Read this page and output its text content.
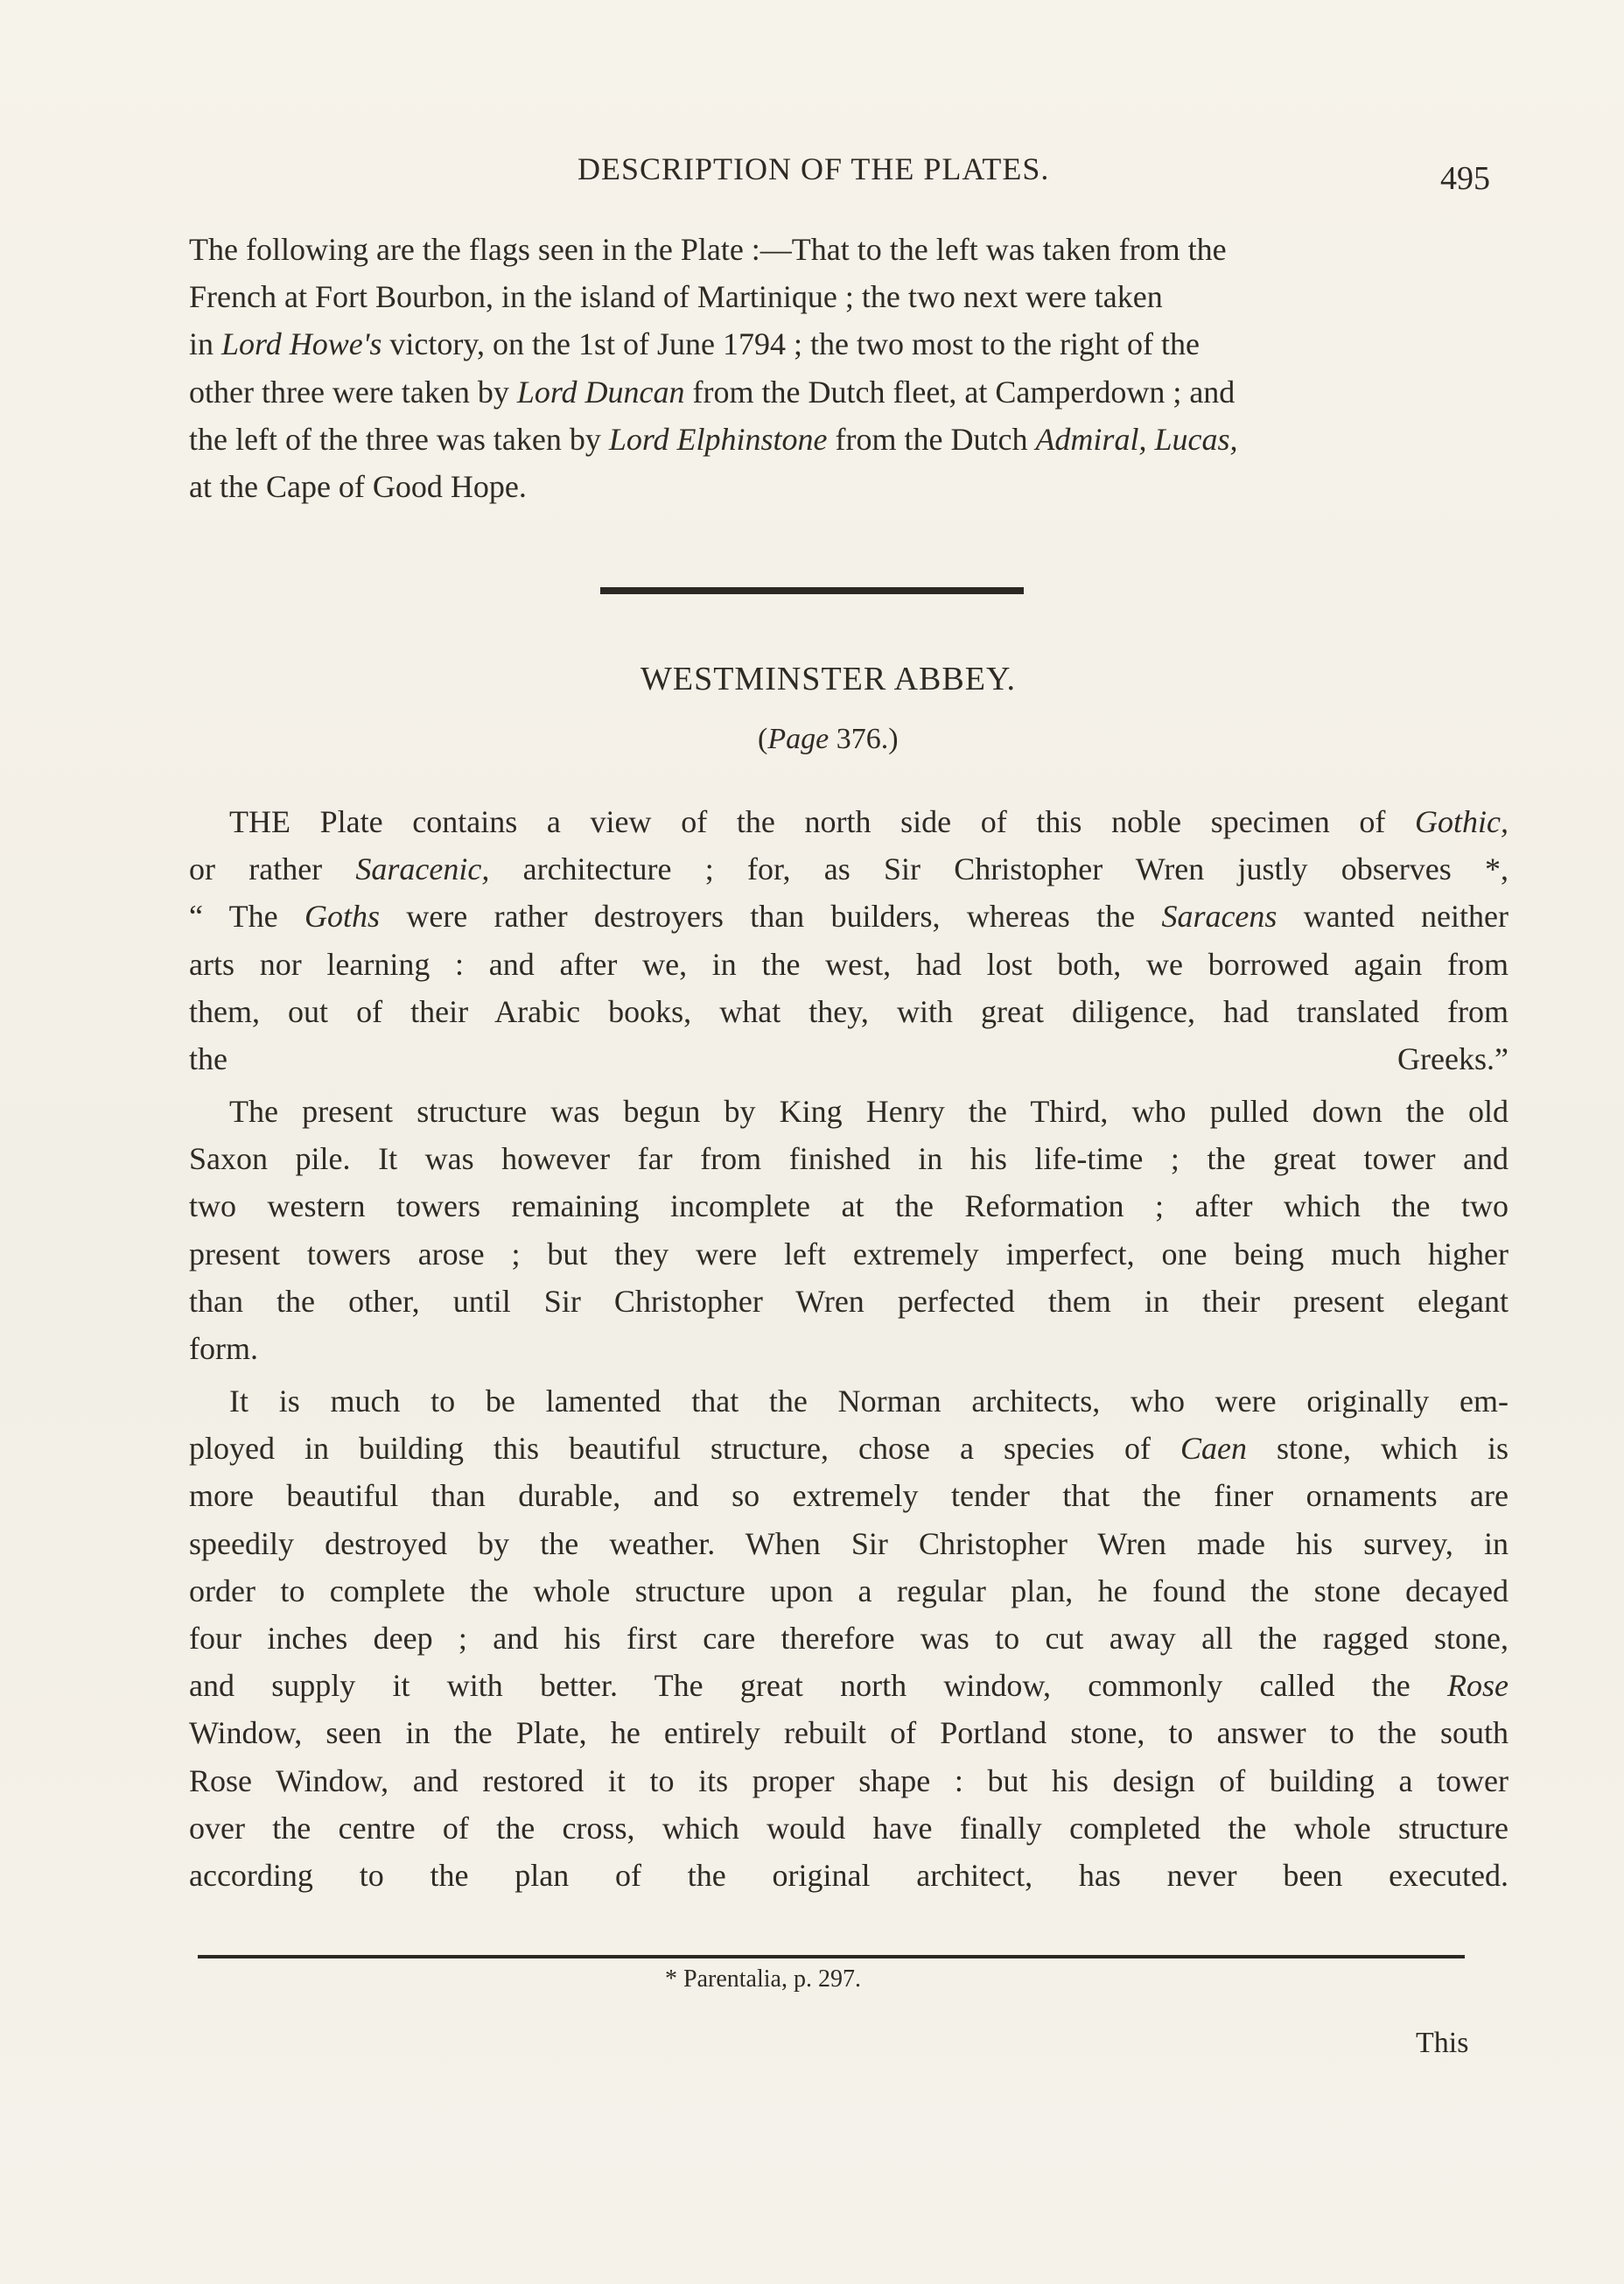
DESCRIPTION OF THE PLATES.	495

The following are the flags seen in the Plate :—That to the left was taken from the
French at Fort Bourbon, in the island of Martinique ; the two next were taken
in Lord Howe's victory, on the 1st of June 1794 ; the two most to the right of the
other three were taken by Lord Duncan from the Dutch fleet, at Camperdown ; and
the left of the three was taken by Lord Elphinstone from the Dutch Admiral, Lucas,
at the Cape of Good Hope.

WESTMINSTER ABBEY.
(Page 376.)

THE Plate contains a view of the north side of this noble specimen of Gothic,
or rather Saracenic, architecture ; for, as Sir Christopher Wren justly observes *,
“ The Goths were rather destroyers than builders, whereas the Saracens wanted neither
arts nor learning : and after we, in the west, had lost both, we borrowed again from
them, out of their Arabic books, what they, with great diligence, had translated from
the Greeks.”

The present structure was begun by King Henry the Third, who pulled down the old
Saxon pile. It was however far from finished in his life-time ; the great tower and
two western towers remaining incomplete at the Reformation ; after which the two
present towers arose ; but they were left extremely imperfect, one being much higher
than the other, until Sir Christopher Wren perfected them in their present elegant
form.

It is much to be lamented that the Norman architects, who were originally em-
ployed in building this beautiful structure, chose a species of Caen stone, which is
more beautiful than durable, and so extremely tender that the finer ornaments are
speedily destroyed by the weather. When Sir Christopher Wren made his survey, in
order to complete the whole structure upon a regular plan, he found the stone decayed
four inches deep ; and his first care therefore was to cut away all the ragged stone,
and supply it with better. The great north window, commonly called the Rose
Window, seen in the Plate, he entirely rebuilt of Portland stone, to answer to the south
Rose Window, and restored it to its proper shape : but his design of building a tower
over the centre of the cross, which would have finally completed the whole structure
according to the plan of the original architect, has never been executed.

* Parentalia, p. 297.
This
